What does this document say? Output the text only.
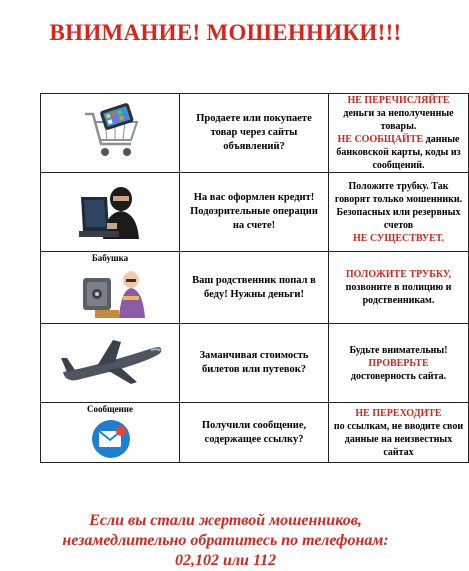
ВНИМАНИЕ! МОШЕННИКИ!!!
	Продаете или покупаете товар через сайты объявлений?	НЕ ПЕРЕЧИСЛЯЙТЕ деньги за неполученные товары.
НЕ СООБЩАЙТЕ данные банковской карты, коды из сообщений.

	На вас оформлен кредит! Подозрительные операции на счете!	Положите трубку. Так говорят только мошенники. Безопасных или резервных счетов
НЕ СУЩЕСТВУЕТ.

Бабушка	Ваш родственник попал в беду! Нужны деньги!	ПОЛОЖИТЕ ТРУБКУ, позвоните в полицию и родственникам.

	Заманчивая стоимость билетов или путевок?	Будьте внимательны!
ПРОВЕРЬТЕ
достоверность сайта.

Сообщение	Получили сообщение, содержащее ссылку?	НЕ ПЕРЕХОДИТЕ
по ссылкам, не вводите свои данные на неизвестных сайтах
Если вы стали жертвой мошенников,
незамедлительно обратитесь по телефонам:
02,102 или 112
